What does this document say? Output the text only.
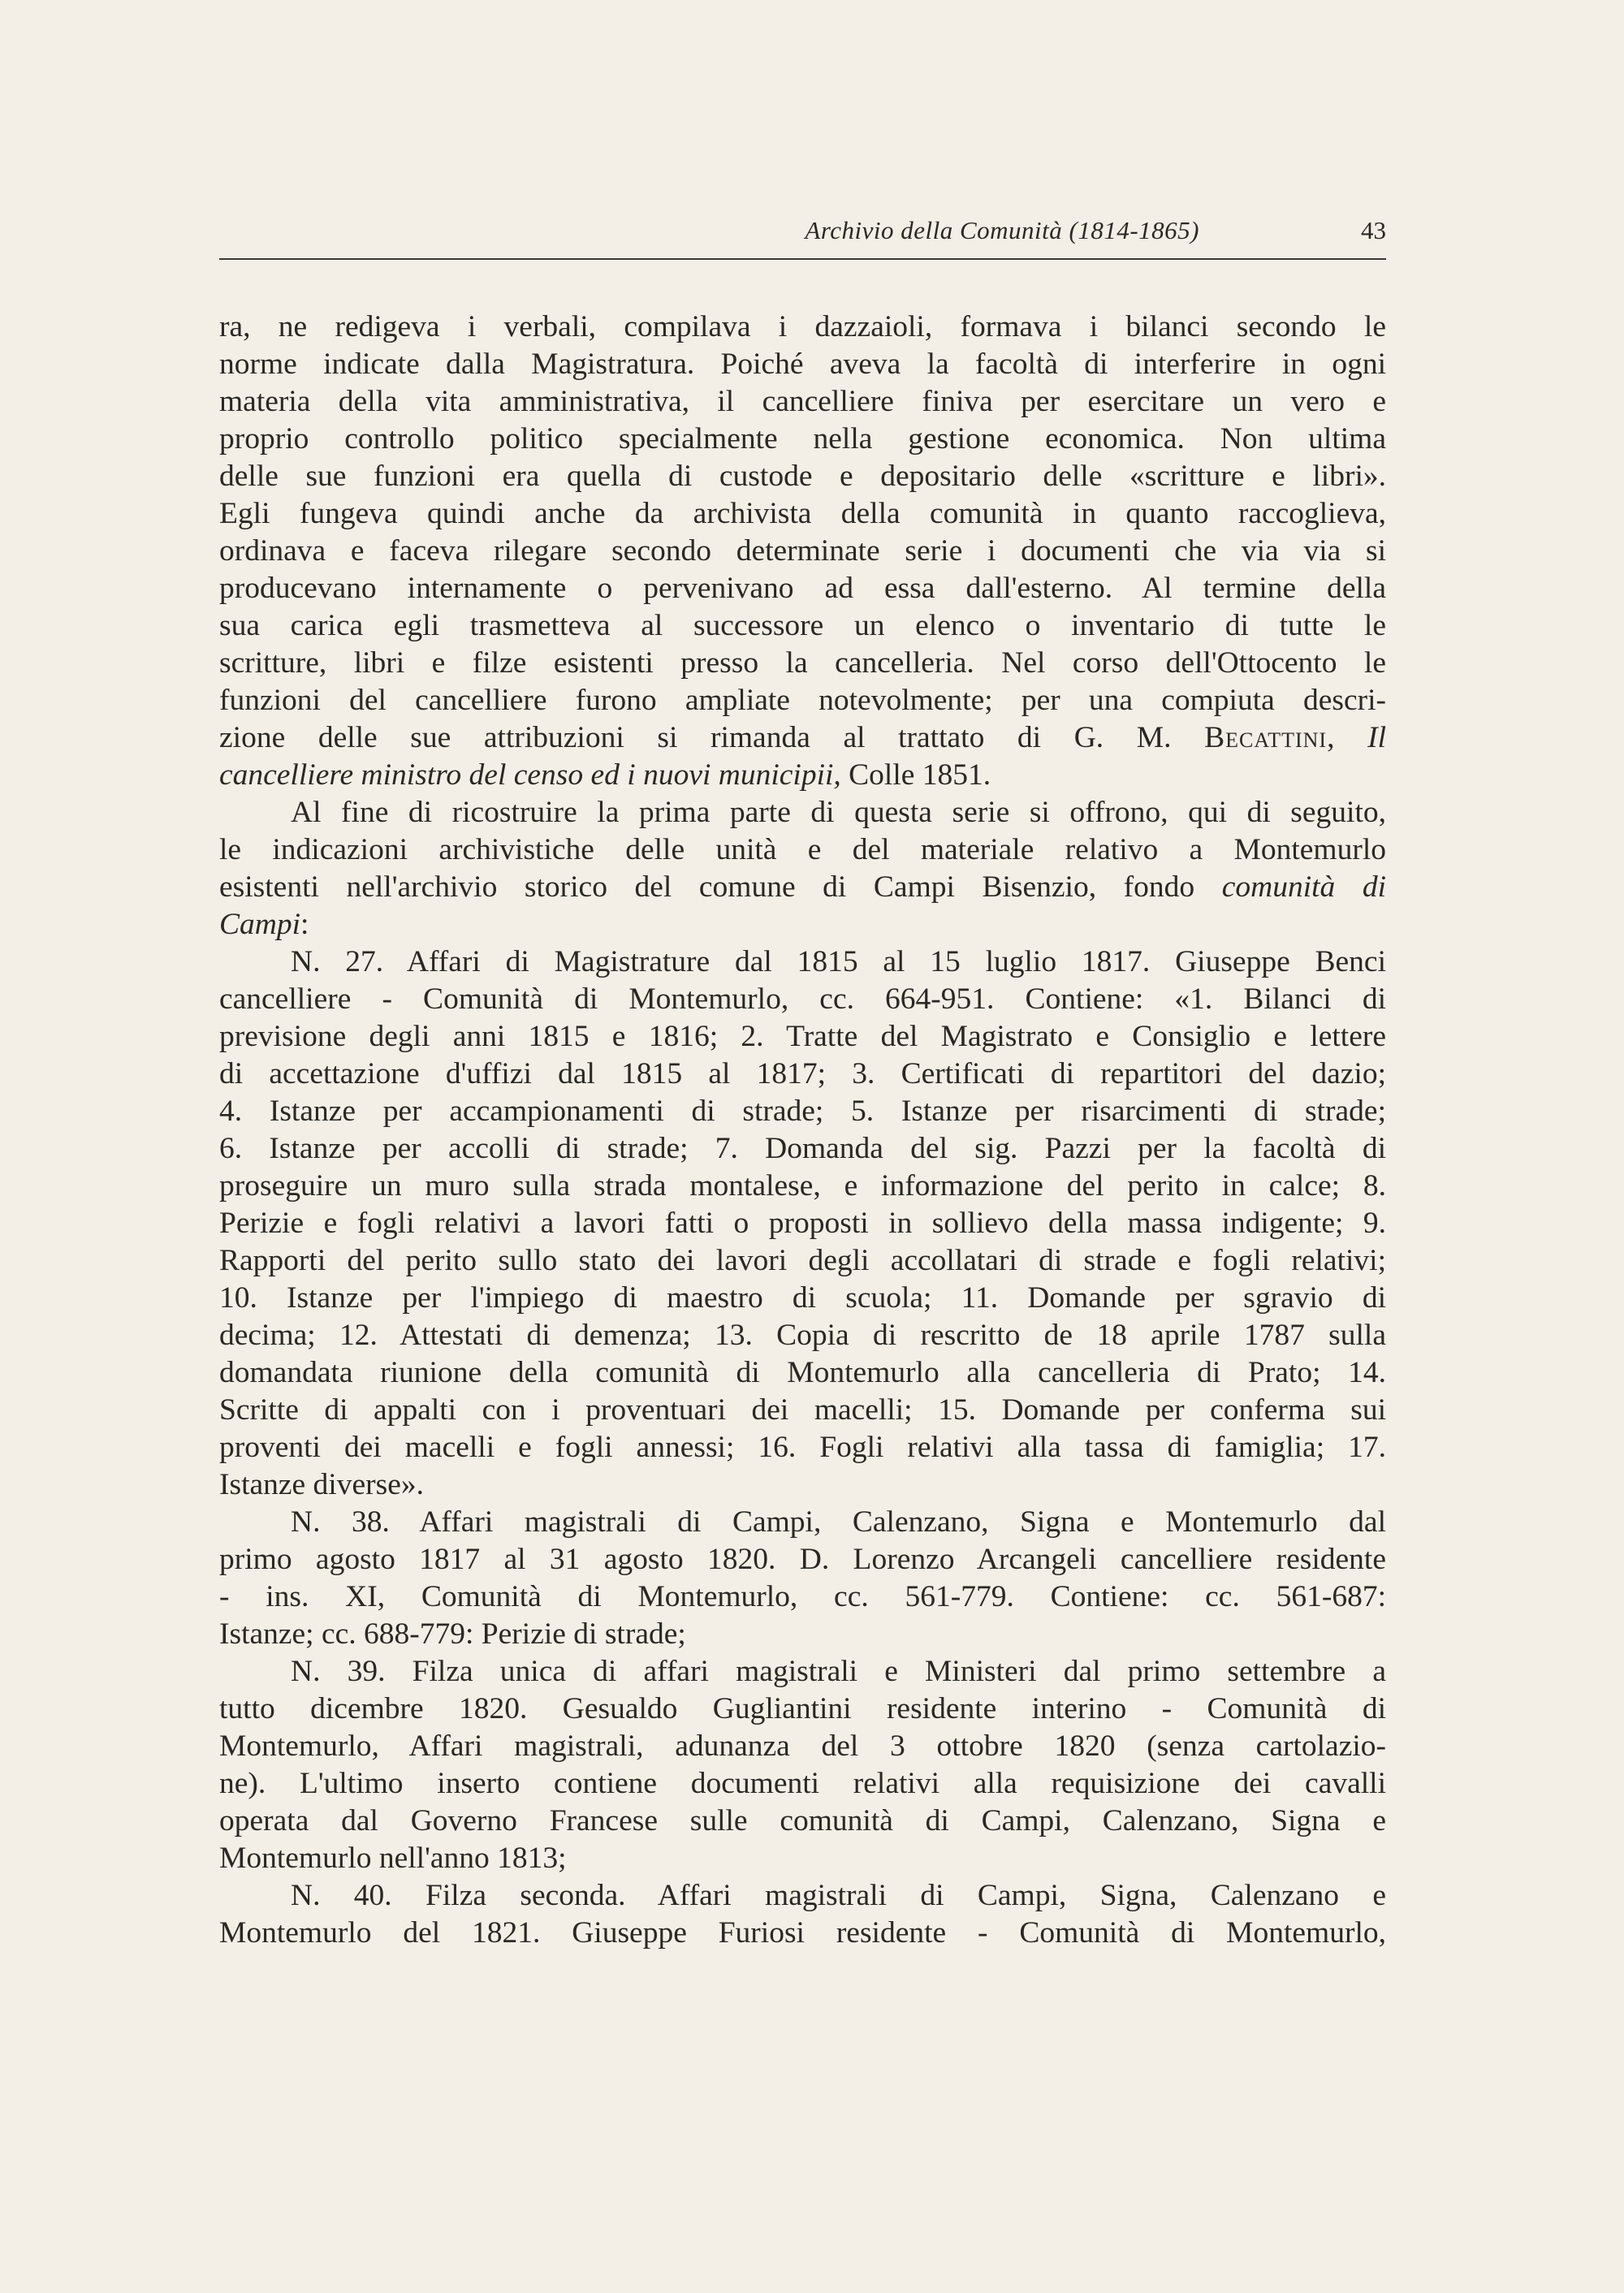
Archivio della Comunità (1814-1865)	43
ra, ne redigeva i verbali, compilava i dazzaioli, formava i bilanci secondo le
norme indicate dalla Magistratura. Poiché aveva la facoltà di interferire in ogni
materia della vita amministrativa, il cancelliere finiva per esercitare un vero e
proprio controllo politico specialmente nella gestione economica. Non ultima
delle sue funzioni era quella di custode e depositario delle «scritture e libri».
Egli fungeva quindi anche da archivista della comunità in quanto raccoglieva,
ordinava e faceva rilegare secondo determinate serie i documenti che via via si
producevano internamente o pervenivano ad essa dall'esterno. Al termine della
sua carica egli trasmetteva al successore un elenco o inventario di tutte le
scritture, libri e filze esistenti presso la cancelleria. Nel corso dell'Ottocento le
funzioni del cancelliere furono ampliate notevolmente; per una compiuta descri-
zione delle sue attribuzioni si rimanda al trattato di G. M. Becattini, Il
cancelliere ministro del censo ed i nuovi municipii, Colle 1851.
Al fine di ricostruire la prima parte di questa serie si offrono, qui di seguito,
le indicazioni archivistiche delle unità e del materiale relativo a Montemurlo
esistenti nell'archivio storico del comune di Campi Bisenzio, fondo comunità di
Campi:
N. 27. Affari di Magistrature dal 1815 al 15 luglio 1817. Giuseppe Benci
cancelliere - Comunità di Montemurlo, cc. 664-951. Contiene: «1. Bilanci di
previsione degli anni 1815 e 1816; 2. Tratte del Magistrato e Consiglio e lettere
di accettazione d'uffizi dal 1815 al 1817; 3. Certificati di repartitori del dazio;
4. Istanze per accampionamenti di strade; 5. Istanze per risarcimenti di strade;
6. Istanze per accolli di strade; 7. Domanda del sig. Pazzi per la facoltà di
proseguire un muro sulla strada montalese, e informazione del perito in calce; 8.
Perizie e fogli relativi a lavori fatti o proposti in sollievo della massa indigente; 9.
Rapporti del perito sullo stato dei lavori degli accollatari di strade e fogli relativi;
10. Istanze per l'impiego di maestro di scuola; 11. Domande per sgravio di
decima; 12. Attestati di demenza; 13. Copia di rescritto de 18 aprile 1787 sulla
domandata riunione della comunità di Montemurlo alla cancelleria di Prato; 14.
Scritte di appalti con i proventuari dei macelli; 15. Domande per conferma sui
proventi dei macelli e fogli annessi; 16. Fogli relativi alla tassa di famiglia; 17.
Istanze diverse».
N. 38. Affari magistrali di Campi, Calenzano, Signa e Montemurlo dal
primo agosto 1817 al 31 agosto 1820. D. Lorenzo Arcangeli cancelliere residente
- ins. XI, Comunità di Montemurlo, cc. 561-779. Contiene: cc. 561-687:
Istanze; cc. 688-779: Perizie di strade;
N. 39. Filza unica di affari magistrali e Ministeri dal primo settembre a
tutto dicembre 1820. Gesualdo Gugliantini residente interino - Comunità di
Montemurlo, Affari magistrali, adunanza del 3 ottobre 1820 (senza cartolazio-
ne). L'ultimo inserto contiene documenti relativi alla requisizione dei cavalli
operata dal Governo Francese sulle comunità di Campi, Calenzano, Signa e
Montemurlo nell'anno 1813;
N. 40. Filza seconda. Affari magistrali di Campi, Signa, Calenzano e
Montemurlo del 1821. Giuseppe Furiosi residente - Comunità di Montemurlo,
